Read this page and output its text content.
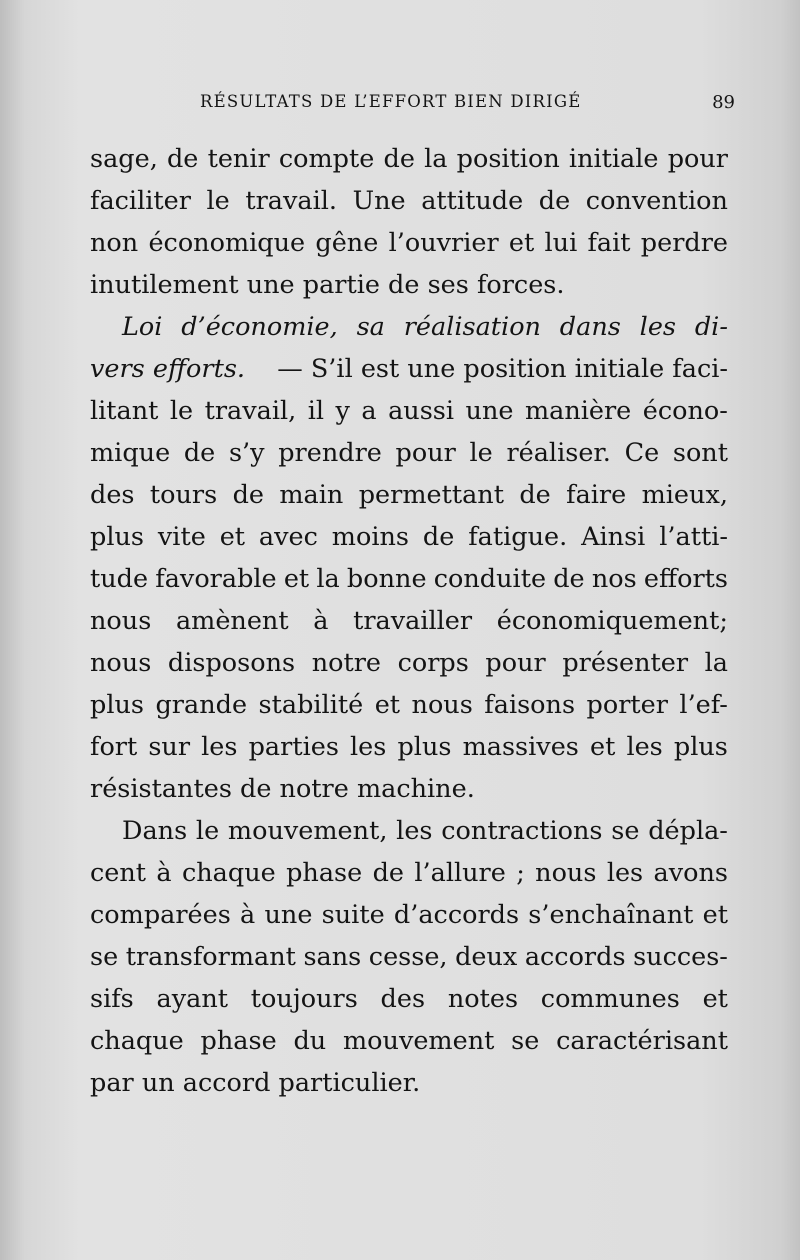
RÉSULTATS DE L’EFFORT BIEN DIRIGÉ	89
sage, de tenir compte de la position initiale pour
faciliter le travail. Une attitude de convention
non économique gêne l’ouvrier et lui fait perdre
inutilement une partie de ses forces.
Loi d’économie, sa réalisation dans les di-
vers efforts. — S’il est une position initiale faci-
litant le travail, il y a aussi une manière écono-
mique de s’y prendre pour le réaliser. Ce sont
des tours de main permettant de faire mieux,
plus vite et avec moins de fatigue. Ainsi l’atti-
tude favorable et la bonne conduite de nos efforts
nous amènent à travailler économiquement;
nous disposons notre corps pour présenter la
plus grande stabilité et nous faisons porter l’ef-
fort sur les parties les plus massives et les plus
résistantes de notre machine.
Dans le mouvement, les contractions se dépla-
cent à chaque phase de l’allure ; nous les avons
comparées à une suite d’accords s’enchaînant et
se transformant sans cesse, deux accords succes-
sifs ayant toujours des notes communes et
chaque phase du mouvement se caractérisant
par un accord particulier.
